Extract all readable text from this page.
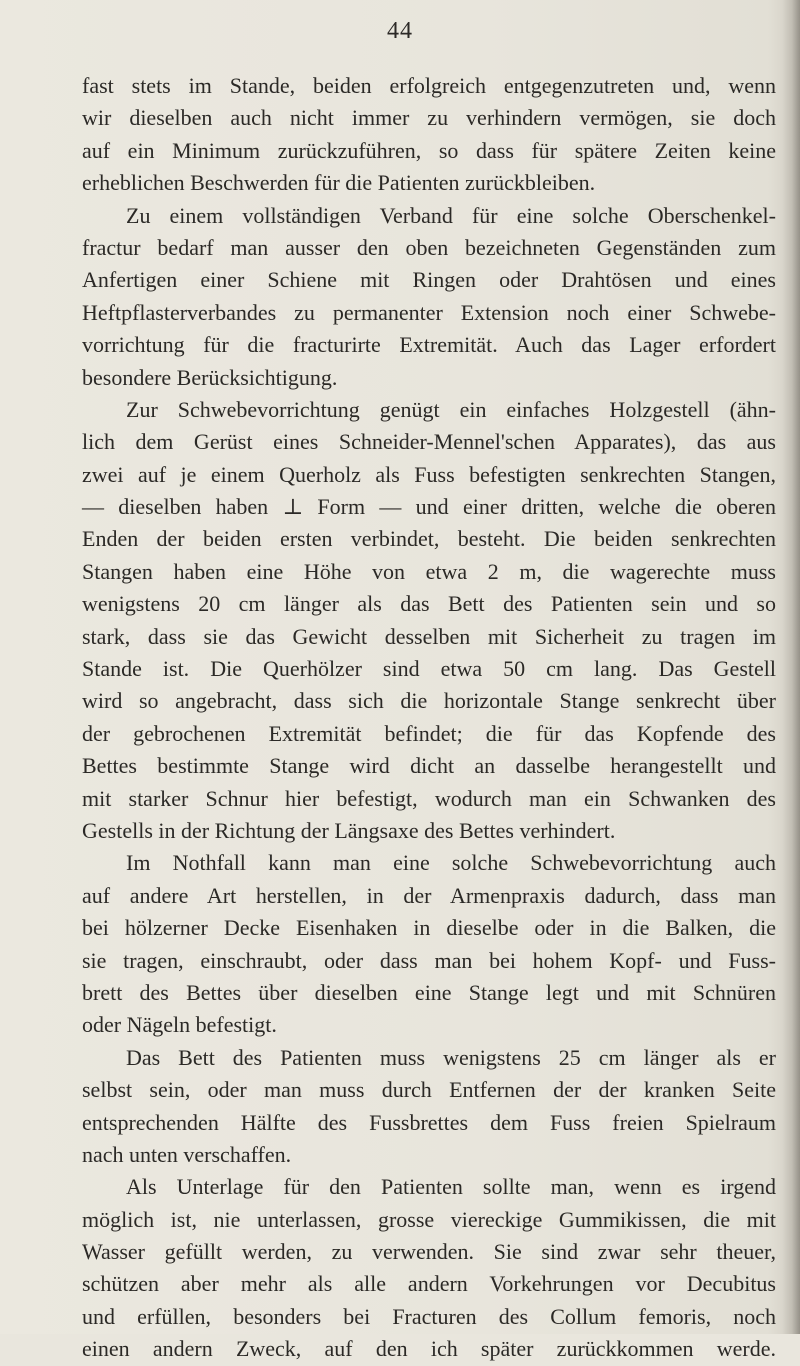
44
fast stets im Stande, beiden erfolgreich entgegenzutreten und, wenn
wir dieselben auch nicht immer zu verhindern vermögen, sie doch
auf ein Minimum zurückzuführen, so dass für spätere Zeiten keine
erheblichen Beschwerden für die Patienten zurückbleiben.
Zu einem vollständigen Verband für eine solche Oberschenkel-
fractur bedarf man ausser den oben bezeichneten Gegenständen zum
Anfertigen einer Schiene mit Ringen oder Drahtösen und eines
Heftpflasterverbandes zu permanenter Extension noch einer Schwebe-
vorrichtung für die fracturirte Extremität. Auch das Lager erfordert
besondere Berücksichtigung.
Zur Schwebevorrichtung genügt ein einfaches Holzgestell (ähn-
lich dem Gerüst eines Schneider-Mennel'schen Apparates), das aus
zwei auf je einem Querholz als Fuss befestigten senkrechten Stangen,
— dieselben haben ⊥ Form — und einer dritten, welche die oberen
Enden der beiden ersten verbindet, besteht. Die beiden senkrechten
Stangen haben eine Höhe von etwa 2 m, die wagerechte muss
wenigstens 20 cm länger als das Bett des Patienten sein und so
stark, dass sie das Gewicht desselben mit Sicherheit zu tragen im
Stande ist. Die Querhölzer sind etwa 50 cm lang. Das Gestell
wird so angebracht, dass sich die horizontale Stange senkrecht über
der gebrochenen Extremität befindet; die für das Kopfende des
Bettes bestimmte Stange wird dicht an dasselbe herangestellt und
mit starker Schnur hier befestigt, wodurch man ein Schwanken des
Gestells in der Richtung der Längsaxe des Bettes verhindert.
Im Nothfall kann man eine solche Schwebevorrichtung auch
auf andere Art herstellen, in der Armenpraxis dadurch, dass man
bei hölzerner Decke Eisenhaken in dieselbe oder in die Balken, die
sie tragen, einschraubt, oder dass man bei hohem Kopf- und Fuss-
brett des Bettes über dieselben eine Stange legt und mit Schnüren
oder Nägeln befestigt.
Das Bett des Patienten muss wenigstens 25 cm länger als er
selbst sein, oder man muss durch Entfernen der der kranken Seite
entsprechenden Hälfte des Fussbrettes dem Fuss freien Spielraum
nach unten verschaffen.
Als Unterlage für den Patienten sollte man, wenn es irgend
möglich ist, nie unterlassen, grosse viereckige Gummikissen, die mit
Wasser gefüllt werden, zu verwenden. Sie sind zwar sehr theuer,
schützen aber mehr als alle andern Vorkehrungen vor Decubitus
und erfüllen, besonders bei Fracturen des Collum femoris, noch
einen andern Zweck, auf den ich später zurückkommen werde.
